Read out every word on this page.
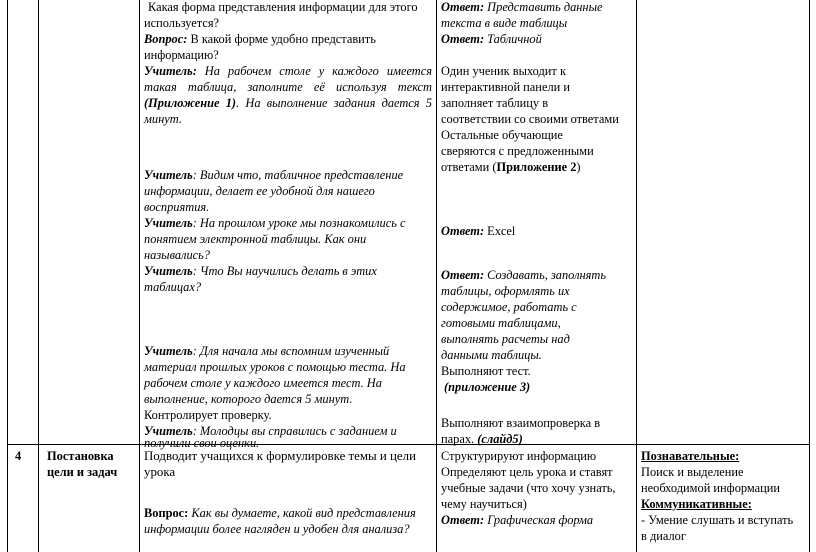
Какая форма представления информации для этого
используется?
Вопрос: В какой форме удобно представить
информацию?
Учитель: На рабочем столе у каждого имеется
такая таблица, заполните её используя текст
(Приложение 1). На выполнение задания дается 5
минут.
Учитель: Видим что, табличное представление
информации, делает ее удобной для нашего
восприятия.
Учитель: На прошлом уроке мы познакомились с
понятием электронной таблицы. Как они
назывались?
Учитель: Что Вы научились делать в этих
таблицах?
Учитель: Для начала мы вспомним изученный
материал прошлых уроков с помощью теста. На
рабочем столе у каждого имеется тест. На
выполнение, которого дается 5 минут.
Контролирует проверку.
Учитель: Молодцы вы справились с заданием и
получили свои оценки.
Ответ: Представить данные
текста в виде таблицы
Ответ: Табличной
Один ученик выходит к
интерактивной панели и
заполняет таблицу в
соответствии со своими ответами
Остальные обучающие
сверяются с предложенными
ответами (Приложение 2)
Ответ: Excel
Ответ: Создавать, заполнять
таблицы, оформлять их
содержимое, работать с
готовыми таблицами,
выполнять расчеты над
данными таблицы.
Выполняют тест.
(приложение 3)
Выполняют взаимопроверка в
парах. (слайд5)
4 Постановка
цели и задач
Подводит учащихся к формулировке темы и цели
урока
Вопрос: Как вы думаете, какой вид представления
информации более нагляден и удобен для анализа?
Структурируют информацию
Определяют цель урока и ставят
учебные задачи (что хочу узнать,
чему научиться)
Ответ: Графическая форма
Познавательные:
Поиск и выделение
необходимой информации
Коммуникативные:
- Умение слушать и вступать
в диалог
